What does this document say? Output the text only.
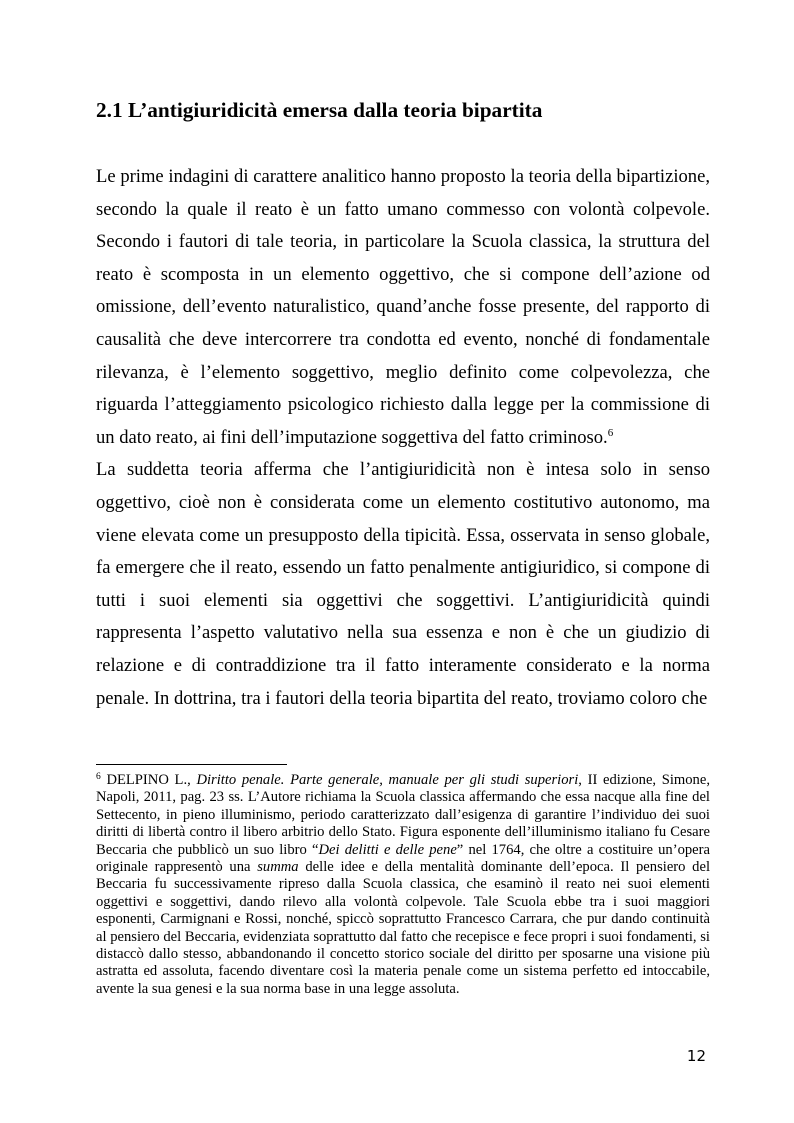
2.1 L’antigiuridicità emersa dalla teoria bipartita

Le prime indagini di carattere analitico hanno proposto la teoria della bipartizione, secondo la quale il reato è un fatto umano commesso con volontà colpevole. Secondo i fautori di tale teoria, in particolare la Scuola classica, la struttura del reato è scomposta in un elemento oggettivo, che si compone dell’azione od omissione, dell’evento naturalistico, quand’anche fosse presente, del rapporto di causalità che deve intercorrere tra condotta ed evento, nonché di fondamentale rilevanza, è l’elemento soggettivo, meglio definito come colpevolezza, che riguarda l’atteggiamento psicologico richiesto dalla legge per la commissione di un dato reato, ai fini dell’imputazione soggettiva del fatto criminoso.$^6$

La suddetta teoria afferma che l’antigiuridicità non è intesa solo in senso oggettivo, cioè non è considerata come un elemento costitutivo autonomo, ma viene elevata come un presupposto della tipicità. Essa, osservata in senso globale, fa emergere che il reato, essendo un fatto penalmente antigiuridico, si compone di tutti i suoi elementi sia oggettivi che soggettivi. L’antigiuridicità quindi rappresenta l’aspetto valutativo nella sua essenza e non è che un giudizio di relazione e di contraddizione tra il fatto interamente considerato e la norma penale. In dottrina, tra i fautori della teoria bipartita del reato, troviamo coloro che

$^6$ DELPINO L., Diritto penale. Parte generale, manuale per gli studi superiori, II edizione, Simone, Napoli, 2011, pag. 23 ss. L’Autore richiama la Scuola classica affermando che essa nacque alla fine del Settecento, in pieno illuminismo, periodo caratterizzato dall’esigenza di garantire l’individuo dei suoi diritti di libertà contro il libero arbitrio dello Stato. Figura esponente dell’illuminismo italiano fu Cesare Beccaria che pubblicò un suo libro “Dei delitti e delle pene” nel 1764, che oltre a costituire un’opera originale rappresentò una summa delle idee e della mentalità dominante dell’epoca. Il pensiero del Beccaria fu successivamente ripreso dalla Scuola classica, che esaminò il reato nei suoi elementi oggettivi e soggettivi, dando rilevo alla volontà colpevole. Tale Scuola ebbe tra i suoi maggiori esponenti, Carmignani e Rossi, nonché, spiccò soprattutto Francesco Carrara, che pur dando continuità al pensiero del Beccaria, evidenziata soprattutto dal fatto che recepisce e fece propri i suoi fondamenti, si distaccò dallo stesso, abbandonando il concetto storico sociale del diritto per sposarne una visione più astratta ed assoluta, facendo diventare così la materia penale come un sistema perfetto ed intoccabile, avente la sua genesi e la sua norma base in una legge assoluta.
12
